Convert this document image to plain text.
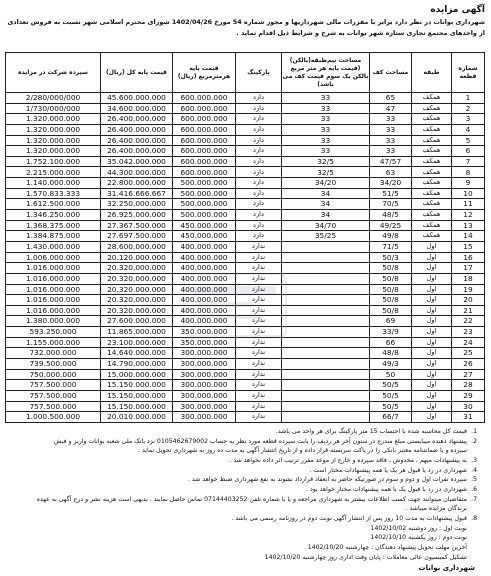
آگهی مزایده
شهرداری بوانات در نظر دارد برابر با مقررات مالی شهرداریها و مجوز شماره 54 مورخ 1402/04/26 شورای محترم اسلامی شهر نسبت به فروش تعدادی از واحدهای مجتمع تجاری ستاره شهر بوانات به شرح و شرایط ذیل اقدام نماید .
شماره قطعه	طبقه	مساحت کف	مساحت نیم‌طبقه(بالکن) (قیمت پایه هر متر مربع بالکن یک سوم قیمت کف می باشد)	پارکینگ	قیمت پایه هرمترمربع (ریال)	قیمت پایه کل (ریال)	سپرده شرکت در مزایده
1	همکف	65	33	دارد	600.000.000	45.600.000.000	2/280/000/000
2	همکف	47	33	دارد	600.000.000	34.600.000.000	1/730/000/000
3	همکف	33	33	دارد	600.000.000	26.400.000.000	1.320.000.000
4	همکف	33	33	دارد	600.000.000	26.400.000.000	1.320.000.000
5	همکف	33	33	دارد	600.000.000	26.400.000.000	1.320.000.000
6	همکف	33	33	دارد	600.000.000	26.400.000.000	1.320.000.000
7	همکف	47/57	32/5	دارد	600.000.000	35.042.000.000	1.752.100.000
8	همکف	63	32/5	دارد	600.000.000	44.300.000.000	2.215.000.000
9	همکف	34/20	34/20	دارد	500.000.000	22.800.000.000	1.140.000.000
10	همکف	51/5	34	دارد	500.000.000	31.416.666.667	1.570.833.333
11	همکف	70/5	34	دارد	500.000.000	32.250.000.000	1.612.500.000
12	همکف	48/5	34	دارد	500.000.000	26.925.000.000	1.346.250.000
13	همکف	49/25	34/70	دارد	450.000.000	27.367.500.000	1.368.375.000
14	همکف	49/8	35/25	دارد	450.000.000	27.697.500.000	1.384.875.000
15	اول	71/5		ندارد	400.000.000	28.600.000.000	1.430.000.000
16	اول	50/3		ندارد	400.000.000	20.120.000.000	1.006.000.000
17	اول	50/8		ندارد	400.000.000	20.320.000.000	1.016.000.000
18	اول	50/8		ندارد	400.000.000	20.320.000.000	1.016.000.000
19	اول	50/8		ندارد	400.000.000	20.320.000.000	1.016.000.000
20	اول	50/8		ندارد	400.000.000	20.320.000.000	1.016.000.000
21	اول	50/8		ندارد	400.000.000	20.320.000.000	1.016.000.000
22	اول	69		ندارد	400.000.000	27.600.000.000	1.380.000.000
23	اول	33/9		ندارد	350.000.000	11.865.000.000	593.250.000
24	اول	66		ندارد	350.000.000	23.100.000.000	1.155.000.000
25	اول	48/8		ندارد	300.000.000	14.640.000.000	732.000.000
26	اول	49/3		ندارد	300.000.000	14.790.000.000	739.500.000
27	اول	50		ندارد	300.000.000	15.000.000.000	750.000.000
28	اول	50/5		ندارد	300.000.000	15.150.000.000	757.500.000
29	اول	50/5		ندارد	300.000.000	15.150.000.000	757.500.000
30	اول	50/5		ندارد	300.000.000	15.150.000.000	757.500.000
31	اول	66/7		ندارد	300.000.000	20.010.000.000	1.000.500.000
1.قیمت کل محاسبه شده با احتساب 15 متر پارکینگ برای هر واحد می باشد.
2.پیشنهاد دهنده میبایستی مبلغ مندرج در ستون آخر هر ردیف را بابت سپرده قطعه مورد نظر به حساب 0105462679002 نزد بانک ملی شعبه بوانات واریز و فیش
سپرده و یا ضمانتنامه معتبر بانکی را در پاکت سربسته قرار داده و از تاریخ انتشار آگهی به مدت ده روز به شهرداری تحویل نماید .
3.به پیشنهادات مبهم ، مخدوش ، فاقد سپرده و خارج از موعد مقرر ترتیب اثر داده نخواهد شد .
4.شهرداری در رد یا قبول هر یک یا همه پیشنهادات مختار است .
5.سپرده نفرات اول و دوم و سوم در صورتیکه حاضر به انعقاد قرارداد نشوند به نفع شهرداری ضبط خواهد شد .
6.شهرداری در رد یا قبول یک یا همه پیشنهادات مختار خواهد بود .
7.متقاضیان میتوانند جهت کسب اطلاعات بیشتر به شهرداری مراجعه و یا با شماره تلفن 07144403252 تماس حاصل نمایند . بدیهی است هزینه نشر و درج آگهی به عهده
برندگان مزایده میباشد .
8.قبول پیشنهادات به مدت 10 روز پس از انتشار آگهی نوبت دوم در روزنامه رسمی می باشد .
نوبت اول : روز دوشنبه 1402/10/02
نوبت دوم : روز یکشنبه 1402/10/10
آخرین مهلت تحویل پیشنهاد دهندگان : چهارشنبه 1402/10/20
تشکیل کمیسیون عالی معاملات : پایان وقت اداری روز چهارشنبه 1402/10/20
شهرداری بوانات
